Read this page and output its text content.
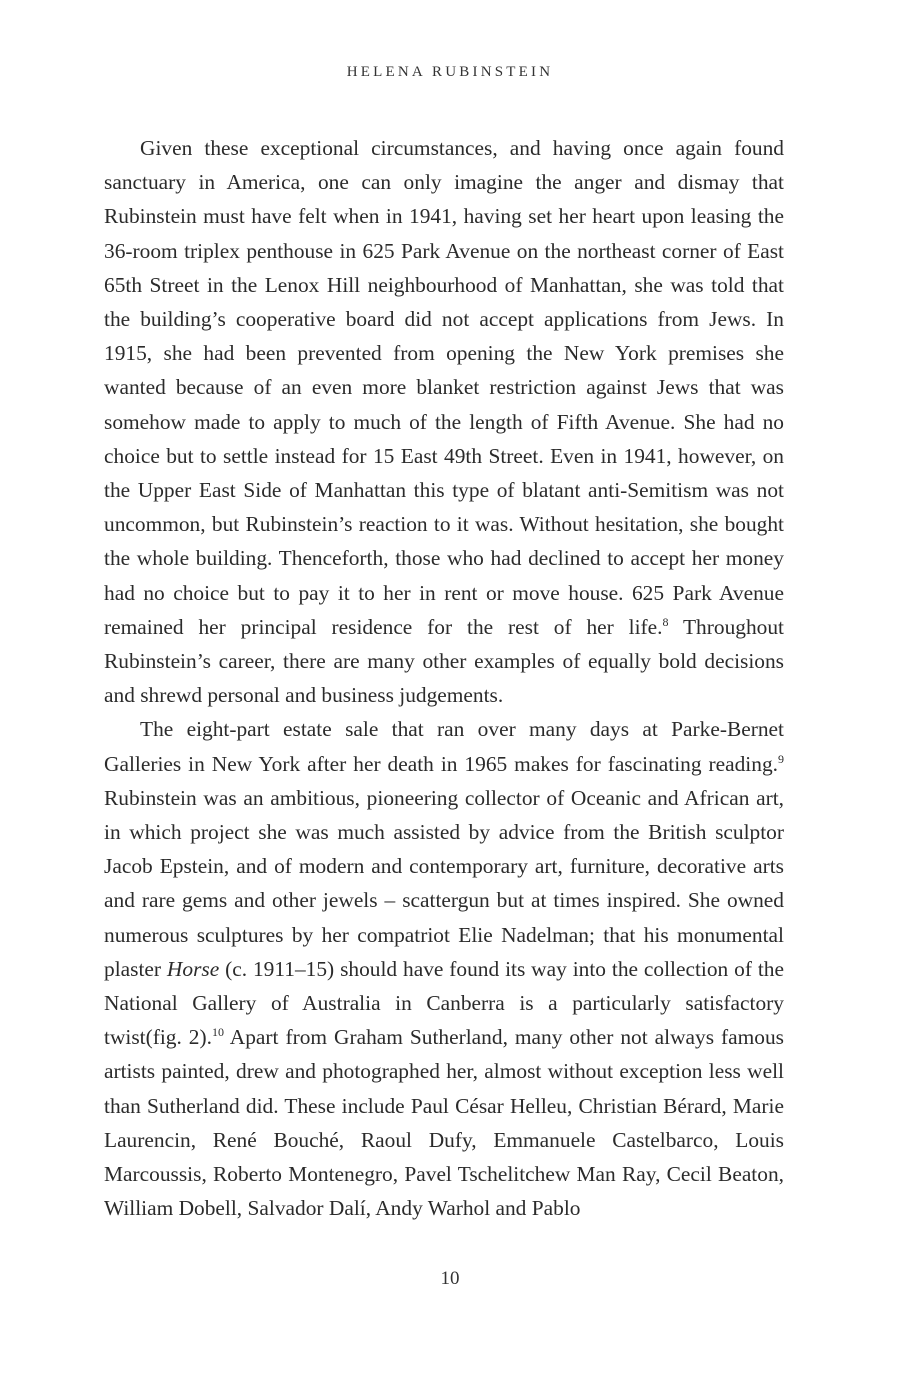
HELENA RUBINSTEIN

Given these exceptional circumstances, and having once again found sanctuary in America, one can only imagine the anger and dismay that Rubinstein must have felt when in 1941, having set her heart upon leasing the 36-room triplex penthouse in 625 Park Avenue on the northeast corner of East 65th Street in the Lenox Hill neighbourhood of Manhattan, she was told that the building’s cooperative board did not accept applications from Jews. In 1915, she had been prevented from opening the New York premises she wanted because of an even more blanket restriction against Jews that was somehow made to apply to much of the length of Fifth Avenue. She had no choice but to settle instead for 15 East 49th Street. Even in 1941, however, on the Upper East Side of Manhattan this type of blatant anti-Semitism was not uncommon, but Rubinstein’s reaction to it was. Without hesitation, she bought the whole building. Thenceforth, those who had declined to accept her money had no choice but to pay it to her in rent or move house. 625 Park Avenue remained her principal residence for the rest of her life.$^8$ Throughout Rubinstein’s career, there are many other examples of equally bold decisions and shrewd personal and business judgements.

The eight-part estate sale that ran over many days at Parke-Bernet Galleries in New York after her death in 1965 makes for fascinating reading.$^9$ Rubinstein was an ambitious, pioneering collector of Oceanic and African art, in which project she was much assisted by advice from the British sculptor Jacob Epstein, and of modern and contemporary art, furniture, decorative arts and rare gems and other jewels – scattergun but at times inspired. She owned numerous sculptures by her compatriot Elie Nadelman; that his monumental plaster Horse (c. 1911–15) should have found its way into the collection of the National Gallery of Australia in Canberra is a particularly satisfactory twist(fig. 2).$^{10}$ Apart from Graham Sutherland, many other not always famous artists painted, drew and photographed her, almost without exception less well than Sutherland did. These include Paul César Helleu, Christian Bérard, Marie Laurencin, René Bouché, Raoul Dufy, Emmanuele Castelbarco, Louis Marcoussis, Roberto Montenegro, Pavel Tschelitchew Man Ray, Cecil Beaton, William Dobell, Salvador Dalí, Andy Warhol and Pablo

10
